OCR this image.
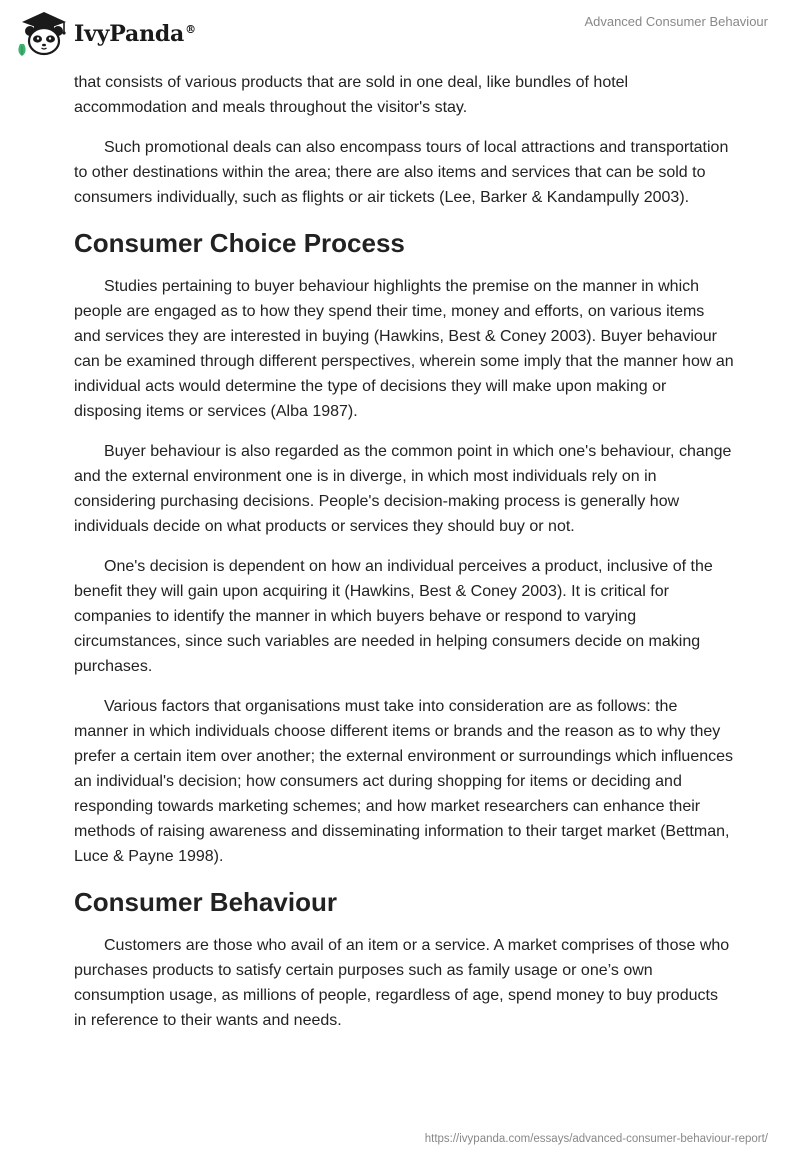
IvyPanda®
Advanced Consumer Behaviour

that consists of various products that are sold in one deal, like bundles of hotel accommodation and meals throughout the visitor's stay.

Such promotional deals can also encompass tours of local attractions and transportation to other destinations within the area; there are also items and services that can be sold to consumers individually, such as flights or air tickets (Lee, Barker & Kandampully 2003).

Consumer Choice Process

Studies pertaining to buyer behaviour highlights the premise on the manner in which people are engaged as to how they spend their time, money and efforts, on various items and services they are interested in buying (Hawkins, Best & Coney 2003). Buyer behaviour can be examined through different perspectives, wherein some imply that the manner how an individual acts would determine the type of decisions they will make upon making or disposing items or services (Alba 1987).

Buyer behaviour is also regarded as the common point in which one's behaviour, change and the external environment one is in diverge, in which most individuals rely on in considering purchasing decisions. People's decision-making process is generally how individuals decide on what products or services they should buy or not.

One's decision is dependent on how an individual perceives a product, inclusive of the benefit they will gain upon acquiring it (Hawkins, Best & Coney 2003). It is critical for companies to identify the manner in which buyers behave or respond to varying circumstances, since such variables are needed in helping consumers decide on making purchases.

Various factors that organisations must take into consideration are as follows: the manner in which individuals choose different items or brands and the reason as to why they prefer a certain item over another; the external environment or surroundings which influences an individual's decision; how consumers act during shopping for items or deciding and responding towards marketing schemes; and how market researchers can enhance their methods of raising awareness and disseminating information to their target market (Bettman, Luce & Payne 1998).

Consumer Behaviour

Customers are those who avail of an item or a service. A market comprises of those who purchases products to satisfy certain purposes such as family usage or one’s own consumption usage, as millions of people, regardless of age, spend money to buy products in reference to their wants and needs.

https://ivypanda.com/essays/advanced-consumer-behaviour-report/
